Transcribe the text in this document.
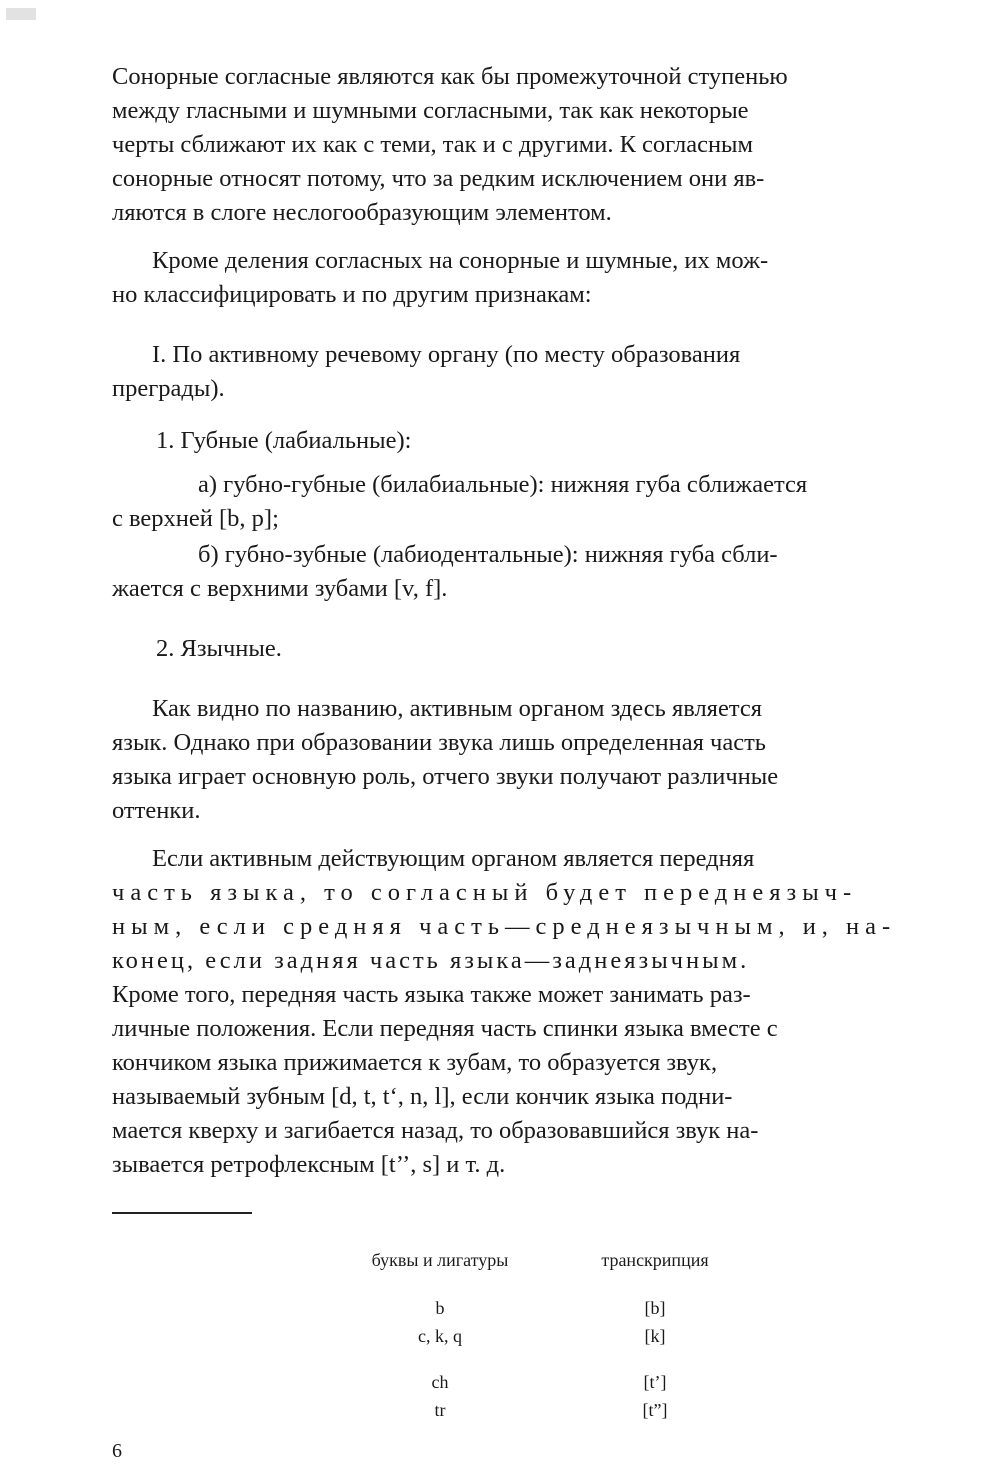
Сонорные согласные являются как бы промежуточной ступенью
между гласными и шумными согласными, так как некоторые
черты сближают их как с теми, так и с другими. К согласным
сонорные относят потому, что за редким исключением они яв-
ляются в слоге неслогообразующим элементом.

Кроме деления согласных на сонорные и шумные, их мож-
но классифицировать и по другим признакам:

I. По активному речевому органу (по месту образования
преграды).

1. Губные (лабиальные):

а) губно-губные (билабиальные): нижняя губа сближается
с верхней [b, p];

б) губно-зубные (лабиодентальные): нижняя губа сбли-
жается с верхними зубами [v, f].

2. Язычные.

Как видно по названию, активным органом здесь является
язык. Однако при образовании звука лишь определенная часть
языка играет основную роль, отчего звуки получают различные
оттенки.

Если активным действующим органом является передняя
часть языка, то согласный будет переднеязыч-
ным, если средняя часть—среднеязычным, и, на-
конец, если задняя часть языка—заднеязычным.
Кроме того, передняя часть языка также может занимать раз-
личные положения. Если передняя часть спинки языка вместе с
кончиком языка прижимается к зубам, то образуется звук,
называемый зубным [d, t, t‘, n, l], если кончик языка подни-
мается кверху и загибается назад, то образовавшийся звук на-
зывается ретрофлексным [t’’, s] и т. д.

буквы и лигатуры	транскрипция
b	[b]
c, k, q	[k]
ch	[t’]
tr	[t”]
6
